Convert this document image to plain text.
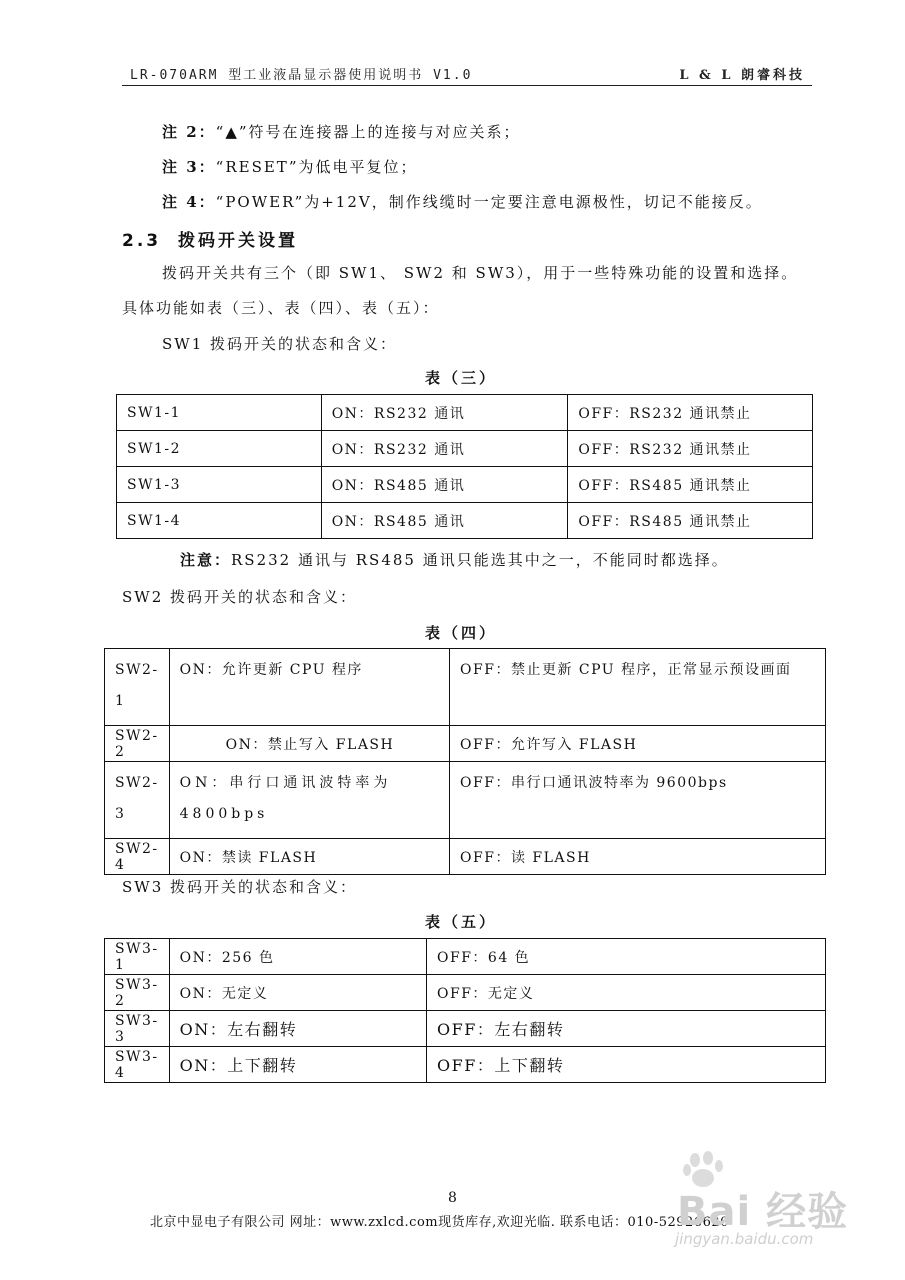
LR-070ARM 型工业液晶显示器使用说明书 V1.0	L & L 朗睿科技
注 2：“▲”符号在连接器上的连接与对应关系；
注 3：“RESET”为低电平复位；
注 4：“POWER”为+12V，制作线缆时一定要注意电源极性，切记不能接反。
2.3 拨码开关设置
拨码开关共有三个（即 SW1、 SW2 和 SW3），用于一些特殊功能的设置和选择。
具体功能如表（三）、表（四）、表（五）：
SW1 拨码开关的状态和含义：
表（三）
SW1-1	ON：RS232 通讯	OFF：RS232 通讯禁止
SW1-2	ON：RS232 通讯	OFF：RS232 通讯禁止
SW1-3	ON：RS485 通讯	OFF：RS485 通讯禁止
SW1-4	ON：RS485 通讯	OFF：RS485 通讯禁止
注意：RS232 通讯与 RS485 通讯只能选其中之一，不能同时都选择。
SW2 拨码开关的状态和含义：
表（四）
SW2-1	ON：允许更新 CPU 程序	OFF：禁止更新 CPU 程序，正常显示预设画面
SW2-2	ON：禁止写入 FLASH	OFF：允许写入 FLASH
SW2-3	ON：串行口通讯波特率为 4800bps	OFF：串行口通讯波特率为 9600bps
SW2-4	ON：禁读 FLASH	OFF：读 FLASH
SW3 拨码开关的状态和含义：
表（五）
SW3-1	ON：256 色	OFF：64 色
SW3-2	ON：无定义	OFF：无定义
SW3-3	ON：左右翻转	OFF：左右翻转
SW3-4	ON：上下翻转	OFF：上下翻转
8
北京中显电子有限公司 网址：www.zxlcd.com现货库存,欢迎光临. 联系电话：010-52926620
Bai 经验
jingyan.baidu.com
